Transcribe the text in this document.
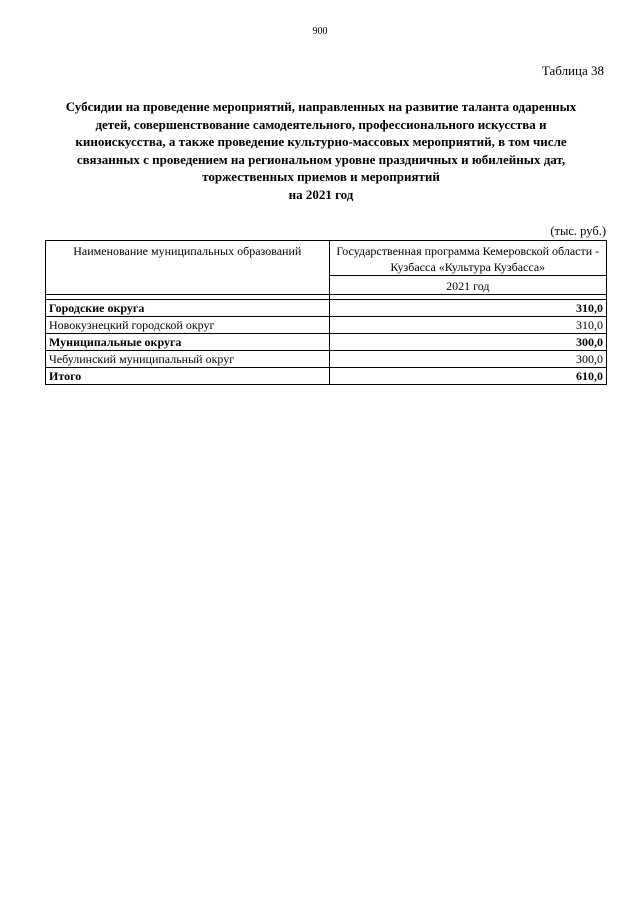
900
Таблица 38
Субсидии на проведение мероприятий, направленных на развитие таланта одаренных
детей, совершенствование самодеятельного, профессионального искусства и
киноискусства, а также проведение культурно-массовых мероприятий, в том числе
связанных с проведением на региональном уровне праздничных и юбилейных дат,
торжественных приемов и мероприятий
на 2021 год
(тыс. руб.)
Наименование муниципальных образований	Государственная программа Кемеровской области - Кузбасса «Культура Кузбасса»
	2021 год

Городские округа	310,0
Новокузнецкий городской округ	310,0
Муниципальные округа	300,0
Чебулинский муниципальный округ	300,0
Итого	610,0
